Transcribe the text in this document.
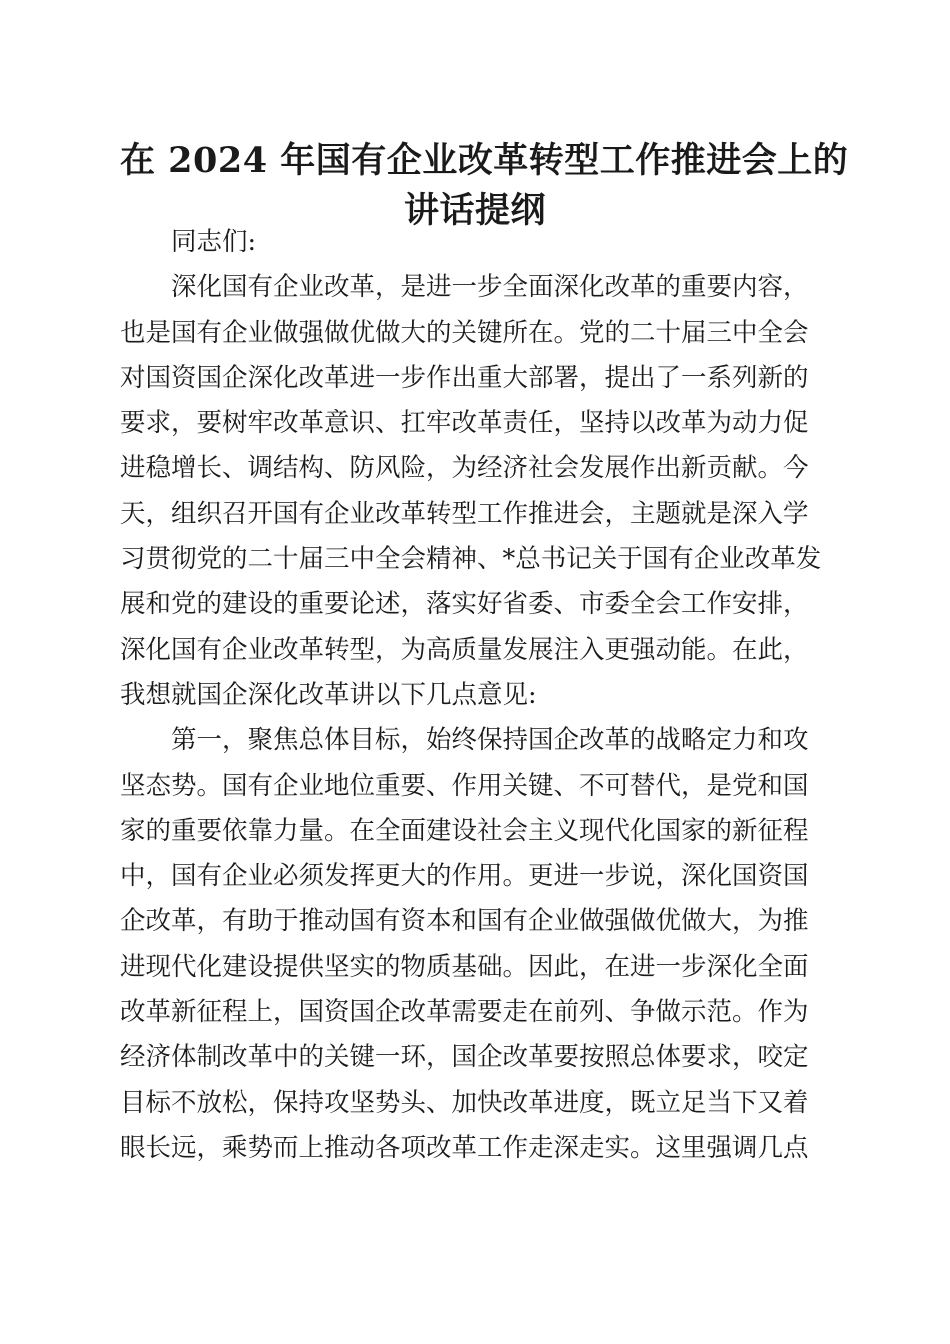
在 2024 年国有企业改革转型工作推进会上的
讲话提纲
同志们:
深化国有企业改革，是进一步全面深化改革的重要内容，
也是国有企业做强做优做大的关键所在。党的二十届三中全会
对国资国企深化改革进一步作出重大部署，提出了一系列新的
要求，要树牢改革意识、扛牢改革责任，坚持以改革为动力促
进稳增长、调结构、防风险，为经济社会发展作出新贡献。今
天，组织召开国有企业改革转型工作推进会，主题就是深入学
习贯彻党的二十届三中全会精神、*总书记关于国有企业改革发
展和党的建设的重要论述，落实好省委、市委全会工作安排，
深化国有企业改革转型，为高质量发展注入更强动能。在此，
我想就国企深化改革讲以下几点意见:
第一，聚焦总体目标，始终保持国企改革的战略定力和攻
坚态势。国有企业地位重要、作用关键、不可替代，是党和国
家的重要依靠力量。在全面建设社会主义现代化国家的新征程
中，国有企业必须发挥更大的作用。更进一步说，深化国资国
企改革，有助于推动国有资本和国有企业做强做优做大，为推
进现代化建设提供坚实的物质基础。因此，在进一步深化全面
改革新征程上，国资国企改革需要走在前列、争做示范。作为
经济体制改革中的关键一环，国企改革要按照总体要求，咬定
目标不放松，保持攻坚势头、加快改革进度，既立足当下又着
眼长远，乘势而上推动各项改革工作走深走实。这里强调几点
